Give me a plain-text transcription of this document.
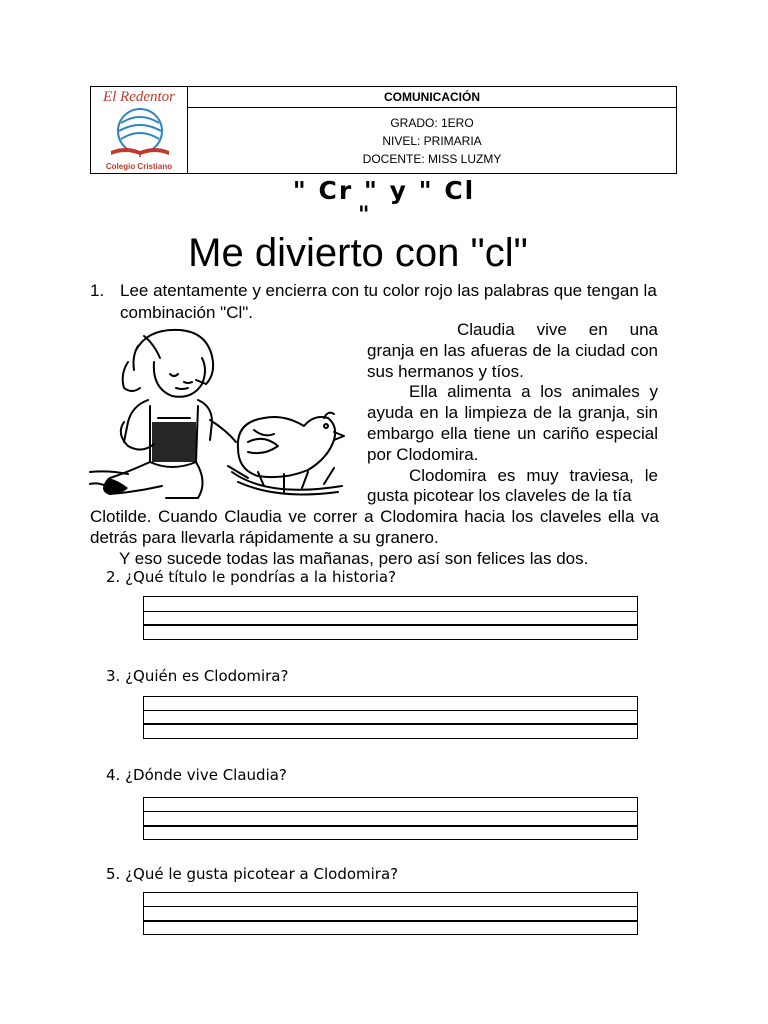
El Redentor
Colegio Cristiano
COMUNICACIÓN
GRADO: 1ERO
NIVEL: PRIMARIA
DOCENTE: MISS LUZMY
" Cr " y " Cl
"
Me divierto con "cl"
1. Lee atentamente y encierra con tu color rojo las palabras que tengan la combinación "Cl".

Claudia vive en una granja en las afueras de la ciudad con sus hermanos y tíos.

Ella alimenta a los animales y ayuda en la limpieza de la granja, sin embargo ella tiene un cariño especial por Clodomira.

Clodomira es muy traviesa, le gusta picotear los claveles de la tía

Clotilde. Cuando Claudia ve correr a Clodomira hacia los claveles ella va detrás para llevarla rápidamente a su granero.

Y eso sucede todas las mañanas, pero así son felices las dos.

2. ¿Qué título le pondrías a la historia?
3. ¿Quién es Clodomira?
4. ¿Dónde vive Claudia?
5. ¿Qué le gusta picotear a Clodomira?
